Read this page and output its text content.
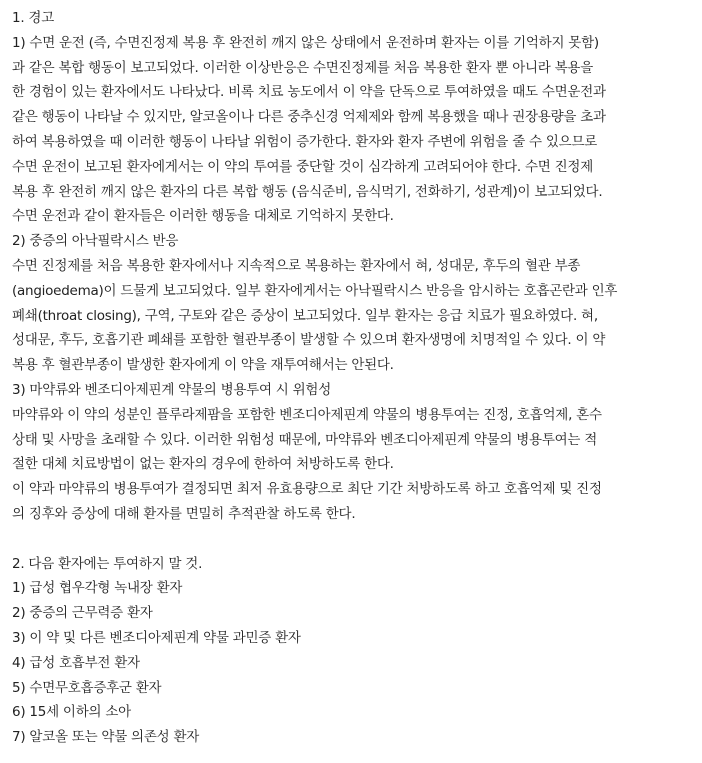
1. 경고
1) 수면 운전 (즉, 수면진정제 복용 후 완전히 깨지 않은 상태에서 운전하며 환자는 이를 기억하지 못함)
과 같은 복합 행동이 보고되었다. 이러한 이상반응은 수면진정제를 처음 복용한 환자 뿐 아니라 복용을
한 경험이 있는 환자에서도 나타났다. 비록 치료 농도에서 이 약을 단독으로 투여하였을 때도 수면운전과
같은 행동이 나타날 수 있지만, 알코올이나 다른 중추신경 억제제와 함께 복용했을 때나 권장용량을 초과
하여 복용하였을 때 이러한 행동이 나타날 위험이 증가한다. 환자와 환자 주변에 위험을 줄 수 있으므로
수면 운전이 보고된 환자에게서는 이 약의 투여를 중단할 것이 심각하게 고려되어야 한다. 수면 진정제
복용 후 완전히 깨지 않은 환자의 다른 복합 행동 (음식준비, 음식먹기, 전화하기, 성관계)이 보고되었다.
수면 운전과 같이 환자들은 이러한 행동을 대체로 기억하지 못한다.
2) 중증의 아낙필락시스 반응
수면 진정제를 처음 복용한 환자에서나 지속적으로 복용하는 환자에서 혀, 성대문, 후두의 혈관 부종
(angioedema)이 드물게 보고되었다. 일부 환자에게서는 아낙필락시스 반응을 암시하는 호흡곤란과 인후
폐쇄(throat closing), 구역, 구토와 같은 증상이 보고되었다. 일부 환자는 응급 치료가 필요하였다. 혀,
성대문, 후두, 호흡기관 폐쇄를 포함한 혈관부종이 발생할 수 있으며 환자생명에 치명적일 수 있다. 이 약
복용 후 혈관부종이 발생한 환자에게 이 약을 재투여해서는 안된다.
3) 마약류와 벤조디아제핀계 약물의 병용투여 시 위험성
마약류와 이 약의 성분인 플루라제팜을 포함한 벤조디아제핀계 약물의 병용투여는 진정, 호흡억제, 혼수
상태 및 사망을 초래할 수 있다. 이러한 위험성 때문에, 마약류와 벤조디아제핀계 약물의 병용투여는 적
절한 대체 치료방법이 없는 환자의 경우에 한하여 처방하도록 한다.
이 약과 마약류의 병용투여가 결정되면 최저 유효용량으로 최단 기간 처방하도록 하고 호흡억제 및 진정
의 징후와 증상에 대해 환자를 면밀히 추적관찰 하도록 한다.
2. 다음 환자에는 투여하지 말 것.
1) 급성 협우각형 녹내장 환자
2) 중증의 근무력증 환자
3) 이 약 및 다른 벤조디아제핀계 약물 과민증 환자
4) 급성 호흡부전 환자
5) 수면무호흡증후군 환자
6) 15세 이하의 소아
7) 알코올 또는 약물 의존성 환자
